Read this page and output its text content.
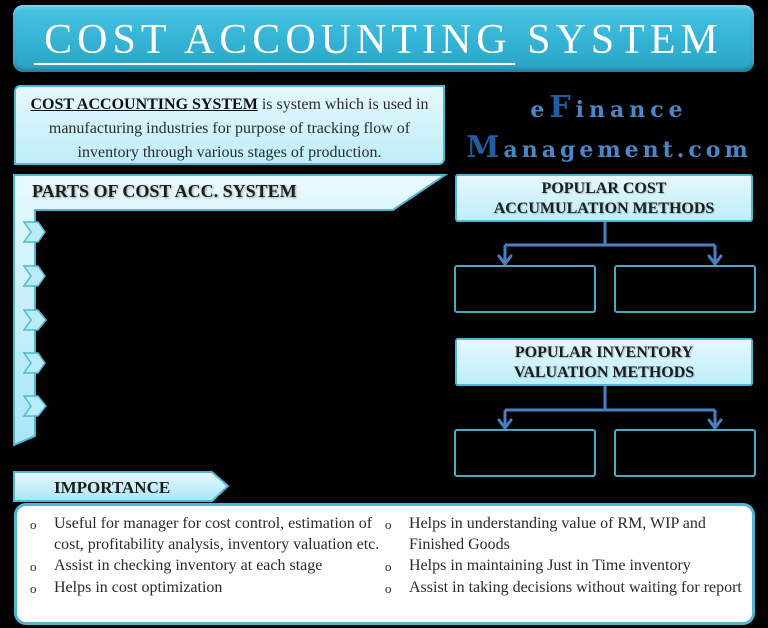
COST ACCOUNTING SYSTEM
COST ACCOUNTING SYSTEM is system which is used in manufacturing industries for purpose of tracking flow of inventory through various stages of production.
eFinance
Management.com
PARTS OF COST ACC. SYSTEM	POPULAR COST
ACCUMULATION METHODS
POPULAR INVENTORY
VALUATION METHODS
IMPORTANCE
o	Useful for manager for cost control, estimation of cost, profitability analysis, inventory valuation etc.
o	Assist in checking inventory at each stage
o	Helps in cost optimization
o	Helps in understanding value of RM, WIP and Finished Goods
o	Helps in maintaining Just in Time inventory
o	Assist in taking decisions without waiting for report
